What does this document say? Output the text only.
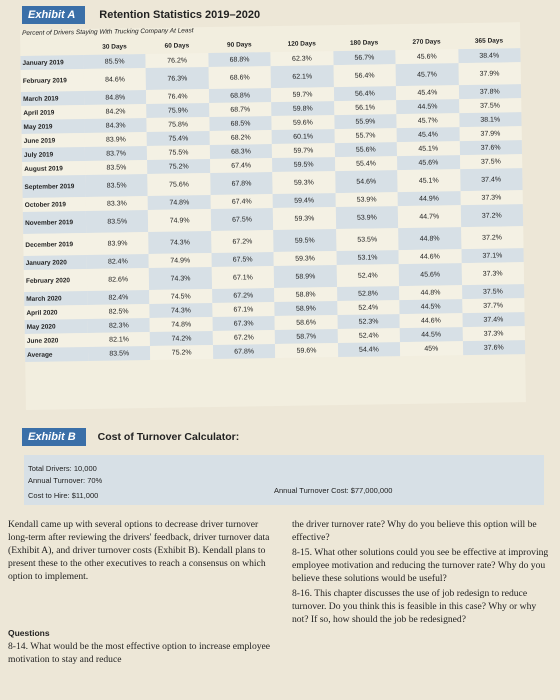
Exhibit A	Retention Statistics 2019–2020
Percent of Drivers Staying With Trucking Company At Least
	30 Days	60 Days	90 Days	120 Days	180 Days	270 Days	365 Days
January 2019	85.5%	76.2%	68.8%	62.3%	56.7%	45.6%	38.4%
February 2019	84.6%	76.3%	68.6%	62.1%	56.4%	45.7%	37.9%
March 2019	84.8%	76.4%	68.8%	59.7%	56.4%	45.4%	37.8%
April 2019	84.2%	75.9%	68.7%	59.8%	56.1%	44.5%	37.5%
May 2019	84.3%	75.8%	68.5%	59.6%	55.9%	45.7%	38.1%
June 2019	83.9%	75.4%	68.2%	60.1%	55.7%	45.4%	37.9%
July 2019	83.7%	75.5%	68.3%	59.7%	55.6%	45.1%	37.6%
August 2019	83.5%	75.2%	67.4%	59.5%	55.4%	45.6%	37.5%
September 2019	83.5%	75.6%	67.8%	59.3%	54.6%	45.1%	37.4%
October 2019	83.3%	74.8%	67.4%	59.4%	53.9%	44.9%	37.3%
November 2019	83.5%	74.9%	67.5%	59.3%	53.9%	44.7%	37.2%
December 2019	83.9%	74.3%	67.2%	59.5%	53.5%	44.8%	37.2%
January 2020	82.4%	74.9%	67.5%	59.3%	53.1%	44.6%	37.1%
February 2020	82.6%	74.3%	67.1%	58.9%	52.4%	45.6%	37.3%
March 2020	82.4%	74.5%	67.2%	58.8%	52.8%	44.8%	37.5%
April 2020	82.5%	74.3%	67.1%	58.9%	52.4%	44.5%	37.7%
May 2020	82.3%	74.8%	67.3%	58.6%	52.3%	44.6%	37.4%
June 2020	82.1%	74.2%	67.2%	58.7%	52.4%	44.5%	37.3%
Average	83.5%	75.2%	67.8%	59.6%	54.4%	45%	37.6%
Exhibit B	Cost of Turnover Calculator:
Total Drivers: 10,000
Annual Turnover: 70%
Cost to Hire: $11,000
Annual Turnover Cost: $77,000,000
Kendall came up with several options to decrease driver turnover long-term after reviewing the drivers' feedback, driver turnover data (Exhibit A), and driver turnover costs (Exhibit B). Kendall plans to present these to the other executives to reach a consensus on which option to implement.
Questions
8-14. What would be the most effective option to increase employee motivation to stay and reduce
the driver turnover rate? Why do you believe this option will be effective?
8-15. What other solutions could you see be effective at improving employee motivation and reducing the turnover rate? Why do you believe these solutions would be useful?
8-16. This chapter discusses the use of job redesign to reduce turnover. Do you think this is feasible in this case? Why or why not? If so, how should the job be redesigned?
